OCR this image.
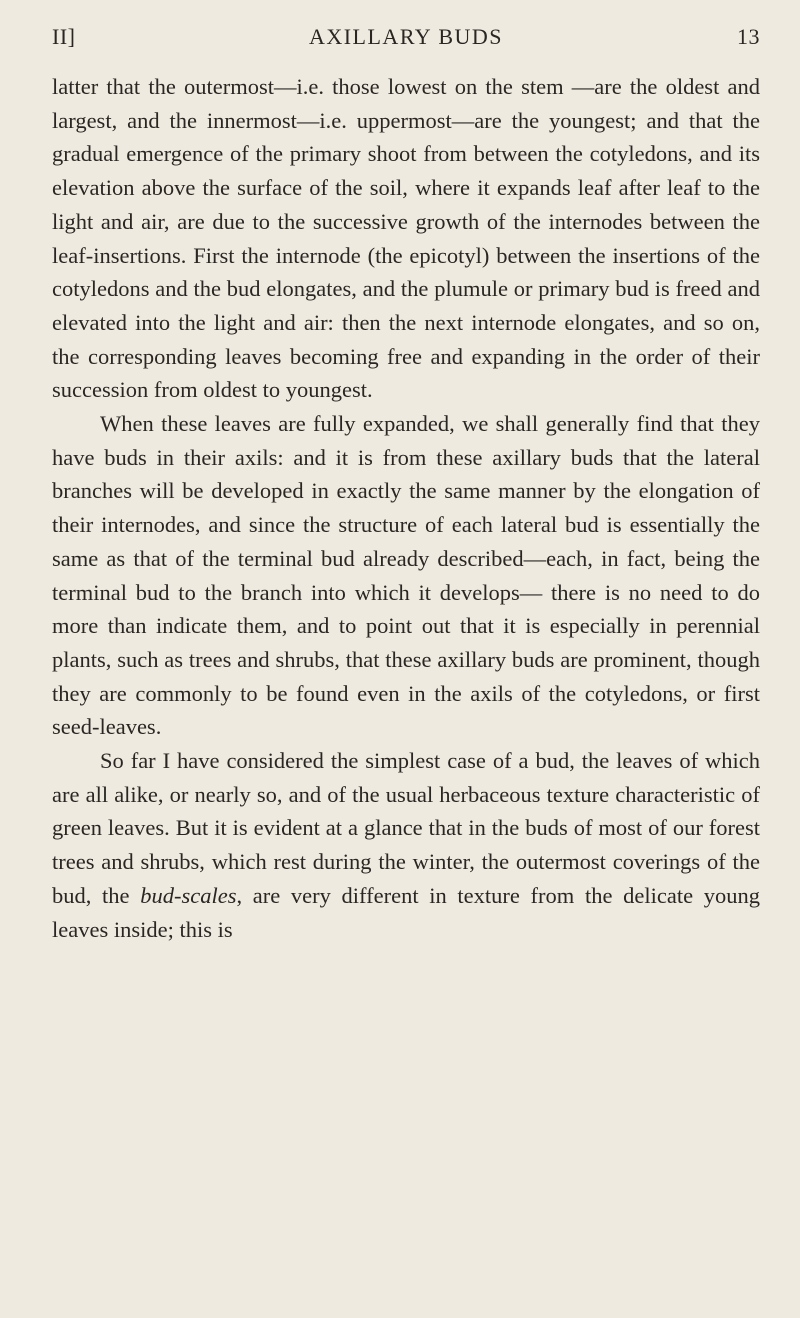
II]	AXILLARY BUDS	13

latter that the outermost—i.e. those lowest on the stem —are the oldest and largest, and the innermost—i.e. uppermost—are the youngest; and that the gradual emergence of the primary shoot from between the cotyledons, and its elevation above the surface of the soil, where it expands leaf after leaf to the light and air, are due to the successive growth of the internodes between the leaf-insertions. First the internode (the epicotyl) between the insertions of the cotyledons and the bud elongates, and the plumule or primary bud is freed and elevated into the light and air: then the next internode elongates, and so on, the corresponding leaves becoming free and expanding in the order of their succession from oldest to youngest.

When these leaves are fully expanded, we shall generally find that they have buds in their axils: and it is from these axillary buds that the lateral branches will be developed in exactly the same manner by the elongation of their internodes, and since the structure of each lateral bud is essentially the same as that of the terminal bud already described—each, in fact, being the terminal bud to the branch into which it develops— there is no need to do more than indicate them, and to point out that it is especially in perennial plants, such as trees and shrubs, that these axillary buds are prominent, though they are commonly to be found even in the axils of the cotyledons, or first seed-leaves.

So far I have considered the simplest case of a bud, the leaves of which are all alike, or nearly so, and of the usual herbaceous texture characteristic of green leaves. But it is evident at a glance that in the buds of most of our forest trees and shrubs, which rest during the winter, the outermost coverings of the bud, the bud-scales, are very different in texture from the delicate young leaves inside; this is
